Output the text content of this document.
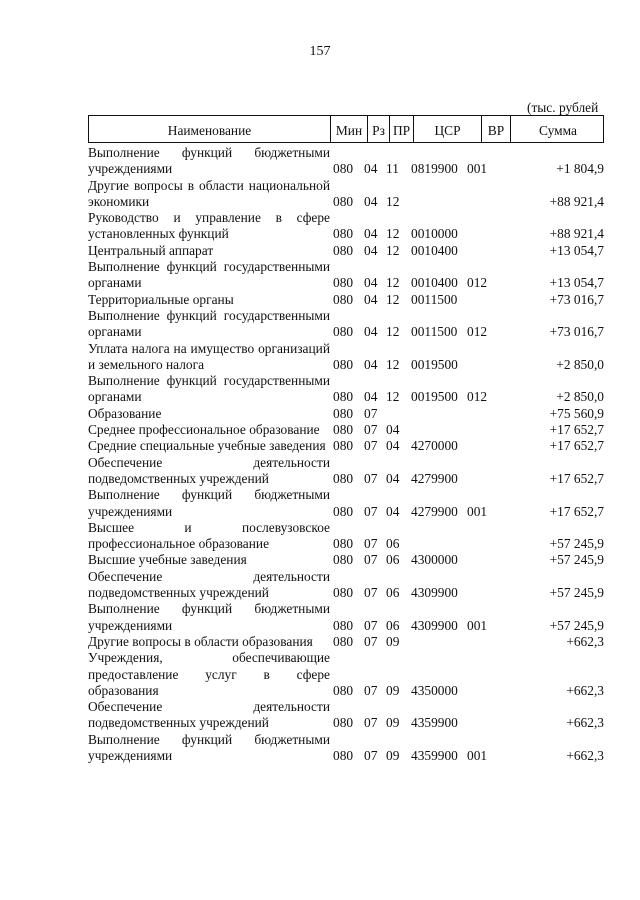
157
(тыс. рублей
Наименование	Мин Рз ПР	ЦСР	ВР	Сумма
Выполнение функций бюджетными учреждениями	080 04 11 0819900 001	+1 804,9
Другие вопросы в области национальной экономики	080 04 12	+88 921,4
Руководство и управление в сфере установленных функций	080 04 12 0010000	+88 921,4
Центральный аппарат	080 04 12 0010400	+13 054,7
Выполнение функций государственными органами	080 04 12 0010400 012	+13 054,7
Территориальные органы	080 04 12 0011500	+73 016,7
Выполнение функций государственными органами	080 04 12 0011500 012	+73 016,7
Уплата налога на имущество организаций и земельного налога	080 04 12 0019500	+2 850,0
Выполнение функций государственными органами	080 04 12 0019500 012	+2 850,0
Образование	080 07	+75 560,9
Среднее профессиональное образование 080 07 04	+17 652,7
Средние специальные учебные заведения 080 07 04 4270000	+17 652,7
Обеспечение деятельности подведомственных учреждений	080 07 04 4279900	+17 652,7
Выполнение функций бюджетными учреждениями	080 07 04 4279900 001	+17 652,7
Высшее и послевузовское профессиональное образование	080 07 06	+57 245,9
Высшие учебные заведения	080 07 06 4300000	+57 245,9
Обеспечение деятельности подведомственных учреждений	080 07 06 4309900	+57 245,9
Выполнение функций бюджетными учреждениями	080 07 06 4309900 001	+57 245,9
Другие вопросы в области образования	080 07 09	+662,3
Учреждения, обеспечивающие предоставление услуг в сфере образования	080 07 09 4350000	+662,3
Обеспечение деятельности подведомственных учреждений	080 07 09 4359900	+662,3
Выполнение функций бюджетными учреждениями	080 07 09 4359900 001	+662,3
